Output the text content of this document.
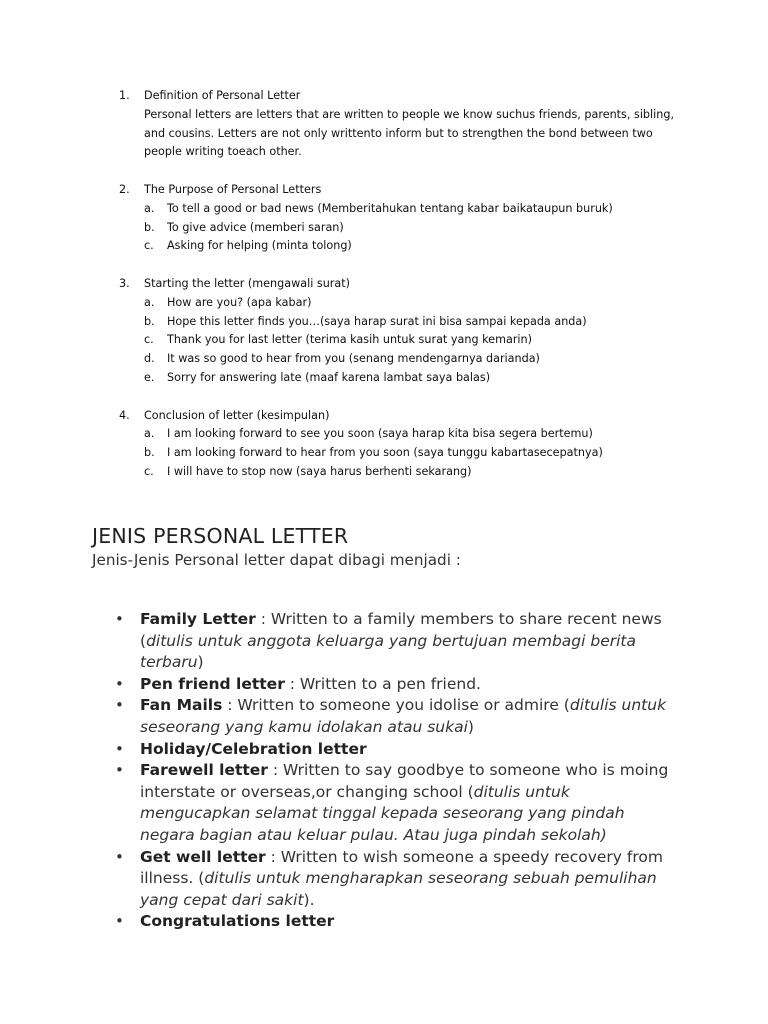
1. Definition of Personal Letter
Personal letters are letters that are written to people we know suchus friends, parents, sibling, and cousins. Letters are not only writtento inform but to strengthen the bond between two people writing toeach other.
2. The Purpose of Personal Letters
a. To tell a good or bad news (Memberitahukan tentang kabar baikataupun buruk)
b. To give advice (memberi saran)
c. Asking for helping (minta tolong)
3. Starting the letter (mengawali surat)
a. How are you? (apa kabar)
b. Hope this letter finds you…(saya harap surat ini bisa sampai kepada anda)
c. Thank you for last letter (terima kasih untuk surat yang kemarin)
d. It was so good to hear from you (senang mendengarnya darianda)
e. Sorry for answering late (maaf karena lambat saya balas)
4. Conclusion of letter (kesimpulan)
a. I am looking forward to see you soon (saya harap kita bisa segera bertemu)
b. I am looking forward to hear from you soon (saya tunggu kabartasecepatnya)
c. I will have to stop now (saya harus berhenti sekarang)
JENIS PERSONAL LETTER
Jenis-Jenis Personal letter dapat dibagi menjadi :
• Family Letter : Written to a family members to share recent news (ditulis untuk anggota keluarga yang bertujuan membagi berita terbaru)
• Pen friend letter : Written to a pen friend.
• Fan Mails : Written to someone you idolise or admire (ditulis untuk seseorang yang kamu idolakan atau sukai)
• Holiday/Celebration letter
• Farewell letter : Written to say goodbye to someone who is moing interstate or overseas,or changing school (ditulis untuk mengucapkan selamat tinggal kepada seseorang yang pindah negara bagian atau keluar pulau. Atau juga pindah sekolah)
• Get well letter : Written to wish someone a speedy recovery from illness. (ditulis untuk mengharapkan seseorang sebuah pemulihan yang cepat dari sakit).
• Congratulations letter
